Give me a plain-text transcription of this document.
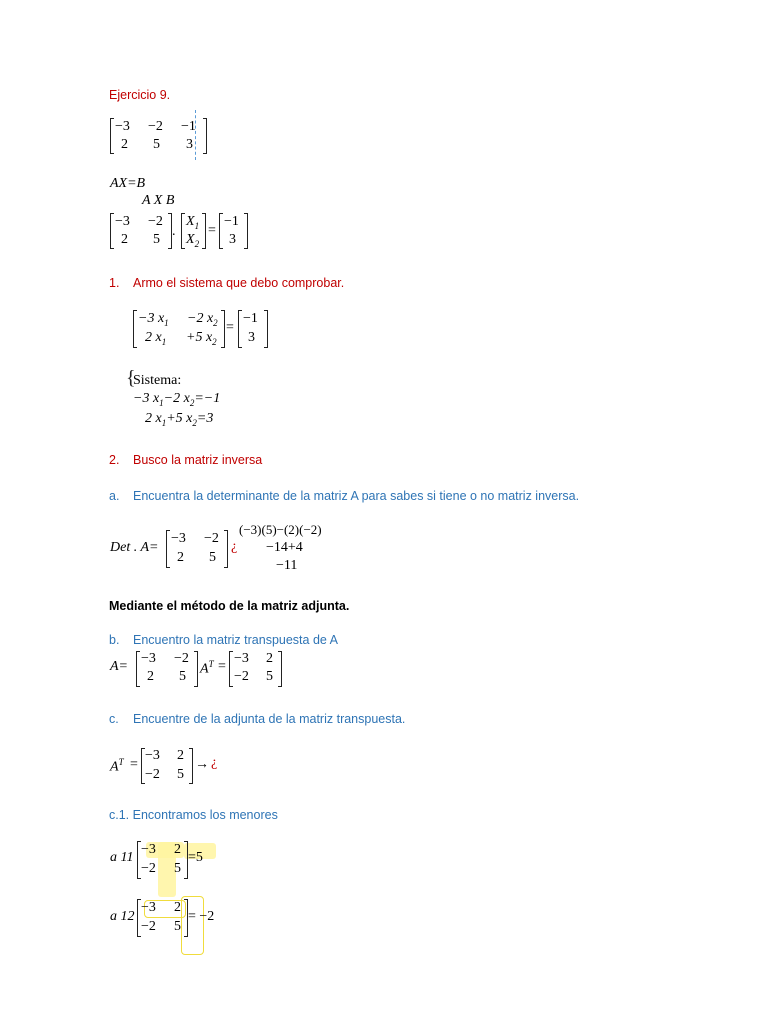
Ejercicio 9.
−3 −2 −1
2 5 3
AX=B
A X B
−3 −2
2 5
.
$X_1$
$X_2$
=
−1
3
1. Armo el sistema que debo comprobar.
−3 $x_1 -2$ $x_2$
2 $x_1 +5$ $x_2$
=
−1
3
{
Sistema:
−3 $x_1-2$ $x_2=-1$
2 $x_1+5$ $x_2=3$
2. Busco la matriz inversa
a. Encuentra la determinante de la matriz A para sabes si tiene o no matriz inversa.
Det . A=
−3 −2
2 5
¿
(−3)(5)−(2)(−2)
−14+4
−11
Mediante el método de la matriz adjunta.
b. Encuentro la matriz transpuesta de A
A=
−3 −2
2 5 $A^T$ =
−3 2
−2 5
c. Encuentre de la adjunta de la matriz transpuesta.
$A^T$ =
−3 2
−2 5
→ ¿
c.1. Encontramos los menores
a 11
−3 2
−2 5
=5
a 12
−3 2
−2 5
= −2
